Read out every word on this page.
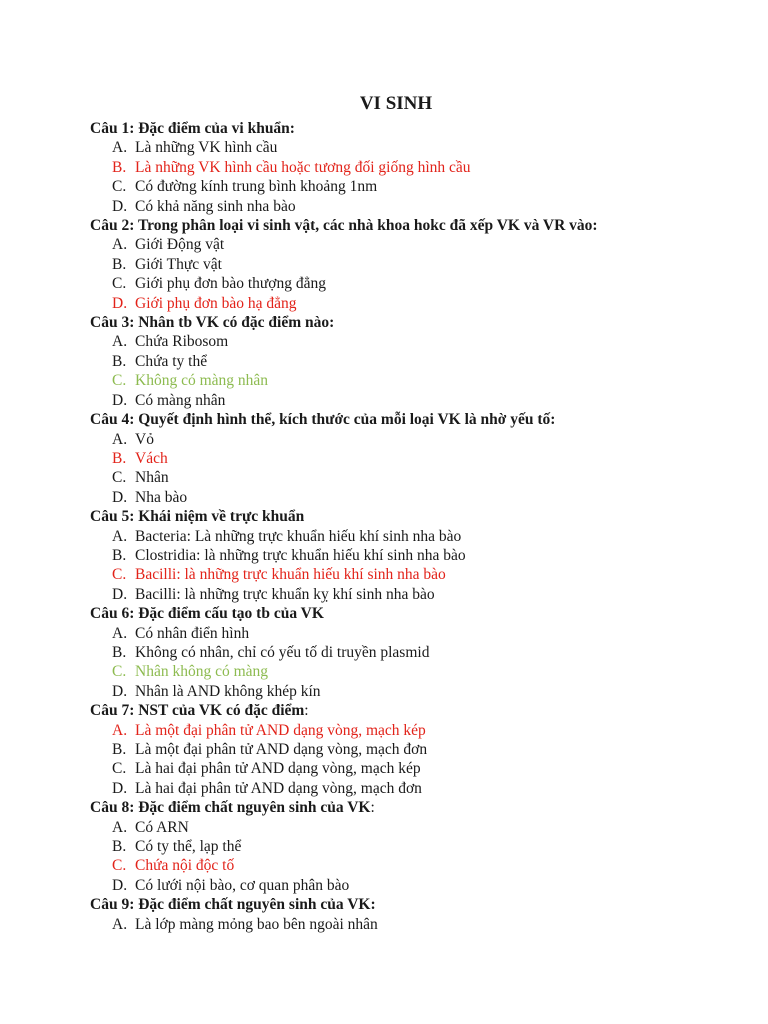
VI SINH
Câu 1: Đặc điểm của vi khuẩn:
A. Là những VK hình cầu
B. Là những VK hình cầu hoặc tương đối giống hình cầu
C. Có đường kính trung bình khoảng 1nm
D. Có khả năng sinh nha bào
Câu 2: Trong phân loại vi sinh vật, các nhà khoa hokc đã xếp VK và VR vào:
A. Giới Động vật
B. Giới Thực vật
C. Giới phụ đơn bào thượng đẳng
D. Giới phụ đơn bào hạ đẳng
Câu 3: Nhân tb VK có đặc điểm nào:
A. Chứa Ribosom
B. Chứa ty thể
C. Không có màng nhân
D. Có màng nhân
Câu 4: Quyết định hình thể, kích thước của mỗi loại VK là nhờ yếu tố:
A. Vỏ
B. Vách
C. Nhân
D. Nha bào
Câu 5: Khái niệm về trực khuẩn
A. Bacteria: Là những trực khuẩn hiếu khí sinh nha bào
B. Clostridia: là những trực khuẩn hiếu khí sinh nha bào
C. Bacilli: là những trực khuẩn hiếu khí sinh nha bào
D. Bacilli: là những trực khuẩn kỵ khí sinh nha bào
Câu 6: Đặc điểm cấu tạo tb của VK
A. Có nhân điển hình
B. Không có nhân, chỉ có yếu tố di truyền plasmid
C. Nhân không có màng
D. Nhân là AND không khép kín
Câu 7: NST của VK có đặc điểm:
A. Là một đại phân tử AND dạng vòng, mạch kép
B. Là một đại phân tử AND dạng vòng, mạch đơn
C. Là hai đại phân tử AND dạng vòng, mạch kép
D. Là hai đại phân tử AND dạng vòng, mạch đơn
Câu 8: Đặc điểm chất nguyên sinh của VK:
A. Có ARN
B. Có ty thể, lạp thể
C. Chứa nội độc tố
D. Có lưới nội bào, cơ quan phân bào
Câu 9: Đặc điểm chất nguyên sinh của VK:
A. Là lớp màng mỏng bao bên ngoài nhân
